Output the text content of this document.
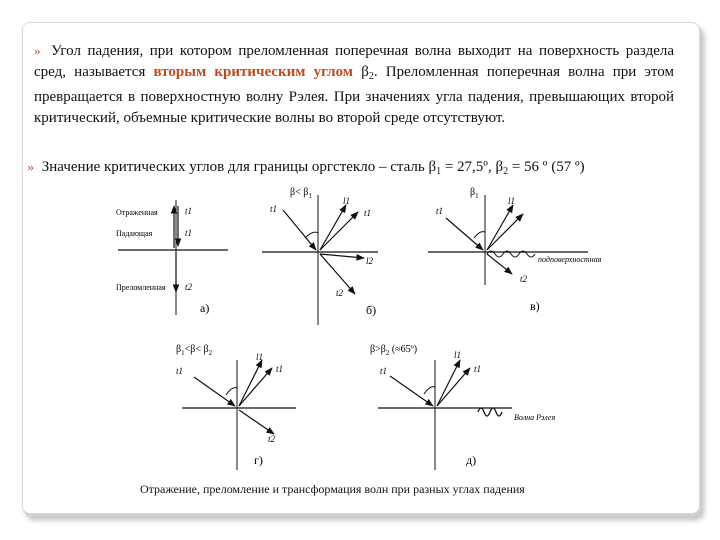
» Угол падения, при котором преломленная поперечная волна выходит на поверхность раздела сред, называется вторым критическим углом $\beta_2$. Преломленная поперечная волна при этом превращается в поверхностную волну Рэлея. При значениях угла падения, превышающих второй критический, объемные критические волны во второй среде отсутствуют.

» Значение критических углов для границы оргстекло – сталь $\beta_1$ = 27,5º, $\beta_2 = 56$ º (57 º)

Отраженная
Падающая
Преломленная
t1
t1
t2
а)
$\beta< \beta_1$
t1
l1
t1
l2
t2
б)
$\beta_1$
t1
l1
t2
подповерхностная
в)
$\beta_1<\beta< \beta_2$
t1
l1
t1
t2
г)
$\beta>\beta_2$ (≈65º)
t1
l1
t1
Волна Рэлея
д)
Отражение, преломление и трансформация волн при разных углах падения
